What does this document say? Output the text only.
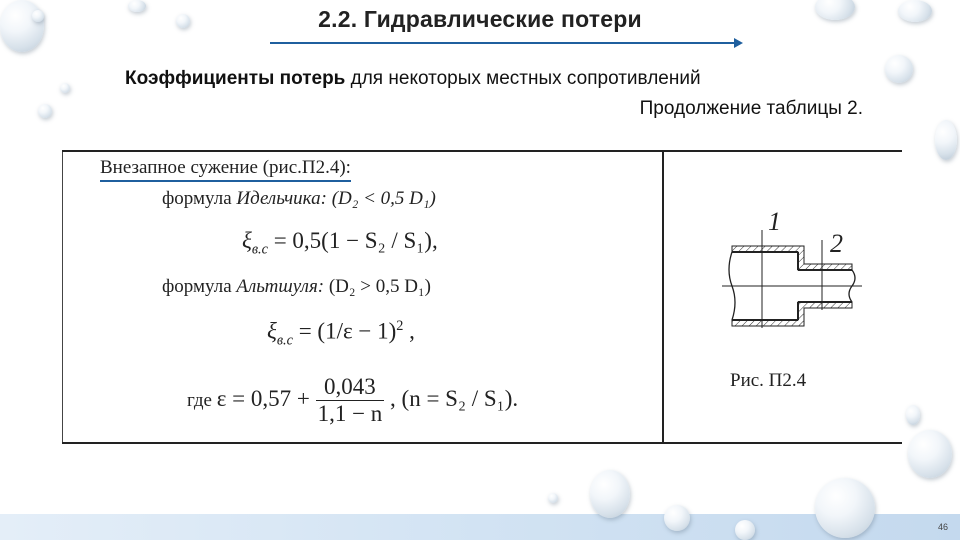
2.2. Гидравлические потери
Коэффициенты потерь для некоторых местных сопротивлений
Продолжение таблицы 2.
Внезапное сужение (рис.П2.4):
формула Идельчика: (D₂ < 0,5 D₁)
$\xi_{в.с} = 0,5(1 - S_2 / S_1)$,
формула Альтшуля: (D₂ > 0,5 D₁)
$\xi_{в.с} = (1/\varepsilon - 1)^2$ ,
где $\varepsilon = 0,57 + \frac{0,043}{1,1 - n}$ , (n = S₂ / S₁).
1
2
Рис. П2.4
46
